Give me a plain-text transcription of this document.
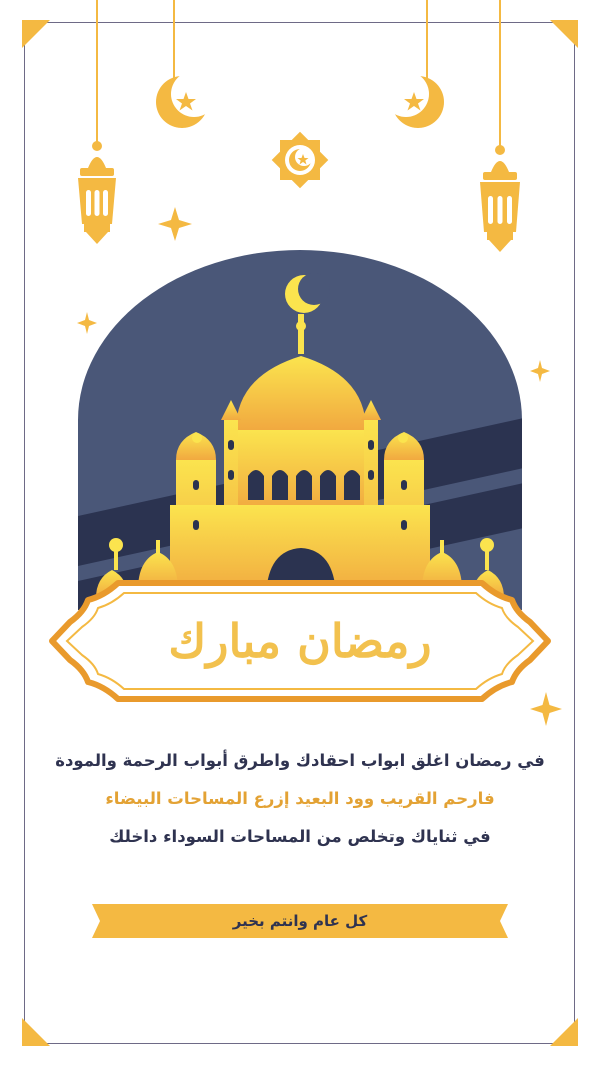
رمضان مبارك
في رمضان اغلق ابواب احقادك واطرق أبواب الرحمة والمودة
فارحم القريب وود البعيد إزرع المساحات البيضاء
في ثناياك وتخلص من المساحات السوداء داخلك
كل عام وانتم بخير
